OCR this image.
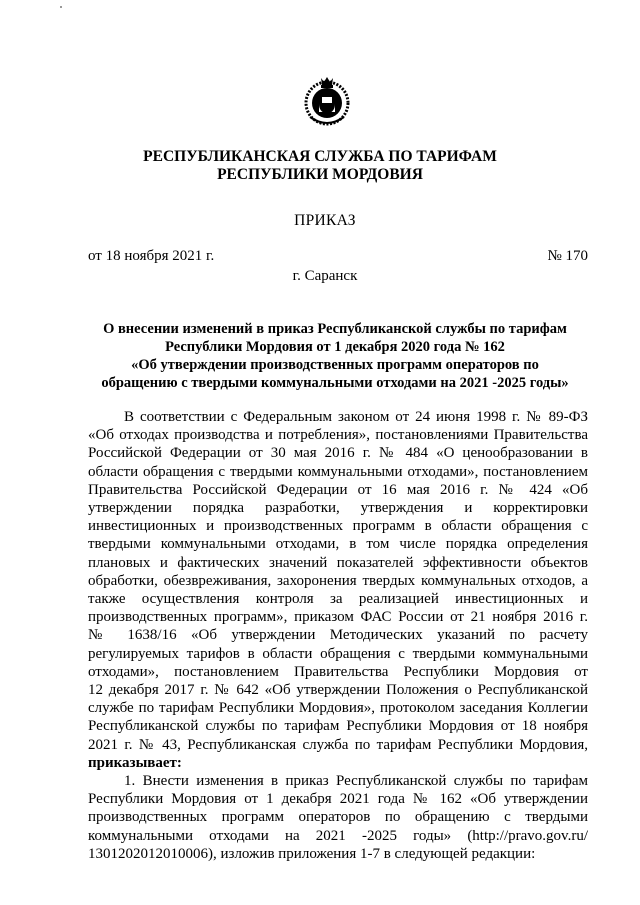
РЕСПУБЛИКАНСКАЯ СЛУЖБА ПО ТАРИФАМ
РЕСПУБЛИКИ МОРДОВИЯ
ПРИКАЗ
от 18 ноября 2021 г.	№ 170
г. Саранск
О внесении изменений в приказ Республиканской службы по тарифам
Республики Мордовия от 1 декабря 2020 года № 162
«Об утверждении производственных программ операторов по
обращению с твердыми коммунальными отходами на 2021 -2025 годы»
В соответствии с Федеральным законом от 24 июня 1998 г. № 89-ФЗ
«Об отходах производства и потребления», постановлениями Правительства
Российской Федерации от 30 мая 2016 г. № 484 «О ценообразовании в
области обращения с твердыми коммунальными отходами», постановлением
Правительства Российской Федерации от 16 мая 2016 г. № 424 «Об
утверждении порядка разработки, утверждения и корректировки
инвестиционных и производственных программ в области обращения с
твердыми коммунальными отходами, в том числе порядка определения
плановых и фактических значений показателей эффективности объектов
обработки, обезвреживания, захоронения твердых коммунальных отходов, а
также осуществления контроля за реализацией инвестиционных и
производственных программ», приказом ФАС России от 21 ноября 2016 г.
№ 1638/16 «Об утверждении Методических указаний по расчету
регулируемых тарифов в области обращения с твердыми коммунальными
отходами», постановлением Правительства Республики Мордовия от
12 декабря 2017 г. № 642 «Об утверждении Положения о Республиканской
службе по тарифам Республики Мордовия», протоколом заседания Коллегии
Республиканской службы по тарифам Республики Мордовия от 18 ноября
2021 г. № 43, Республиканская служба по тарифам Республики Мордовия,
приказывает:
1. Внести изменения в приказ Республиканской службы по тарифам
Республики Мордовия от 1 декабря 2021 года № 162 «Об утверждении
производственных программ операторов по обращению с твердыми
коммунальными отходами на 2021 -2025 годы» (http://pravo.gov.ru/
1301202012010006), изложив приложения 1-7 в следующей редакции:
